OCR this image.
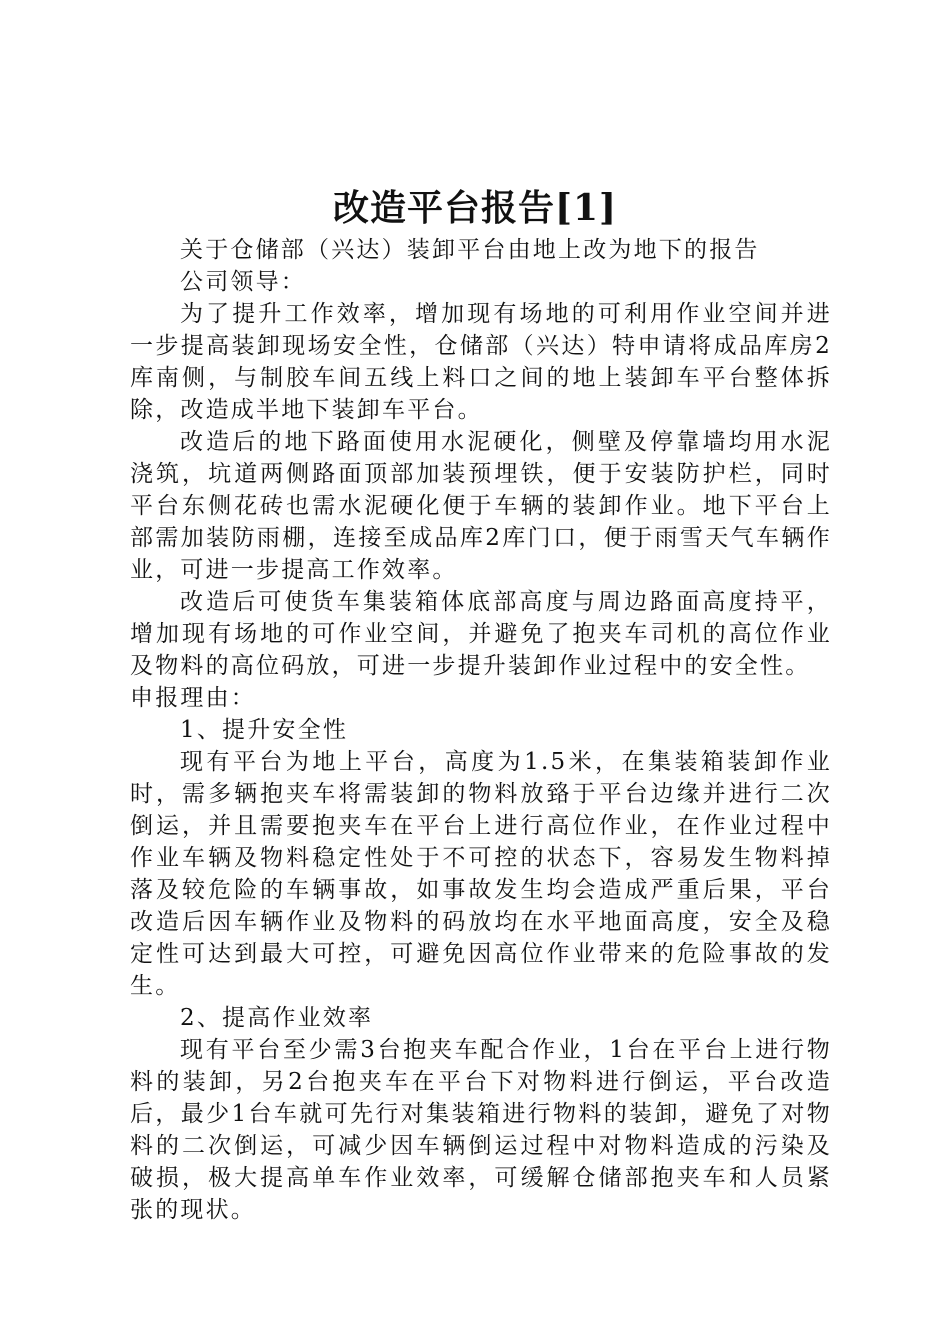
改造平台报告[1]

关于仓储部（兴达）装卸平台由地上改为地下的报告

公司领导：

为了提升工作效率，增加现有场地的可利用作业空间并进一步提高装卸现场安全性，仓储部（兴达）特申请将成品库房2库南侧，与制胶车间五线上料口之间的地上装卸车平台整体拆除，改造成半地下装卸车平台。

改造后的地下路面使用水泥硬化，侧壁及停靠墙均用水泥浇筑，坑道两侧路面顶部加装预埋铁，便于安装防护栏，同时平台东侧花砖也需水泥硬化便于车辆的装卸作业。地下平台上部需加装防雨棚，连接至成品库2库门口，便于雨雪天气车辆作业，可进一步提高工作效率。

改造后可使货车集装箱体底部高度与周边路面高度持平，增加现有场地的可作业空间，并避免了抱夹车司机的高位作业及物料的高位码放，可进一步提升装卸作业过程中的安全性。

申报理由：

1、提升安全性

现有平台为地上平台，高度为1.5米，在集装箱装卸作业时，需多辆抱夹车将需装卸的物料放臵于平台边缘并进行二次倒运，并且需要抱夹车在平台上进行高位作业，在作业过程中作业车辆及物料稳定性处于不可控的状态下，容易发生物料掉落及较危险的车辆事故，如事故发生均会造成严重后果，平台改造后因车辆作业及物料的码放均在水平地面高度，安全及稳定性可达到最大可控，可避免因高位作业带来的危险事故的发生。

2、提高作业效率

现有平台至少需3台抱夹车配合作业，1台在平台上进行物料的装卸，另2台抱夹车在平台下对物料进行倒运，平台改造后，最少1台车就可先行对集装箱进行物料的装卸，避免了对物料的二次倒运，可减少因车辆倒运过程中对物料造成的污染及破损，极大提高单车作业效率，可缓解仓储部抱夹车和人员紧张的现状。
